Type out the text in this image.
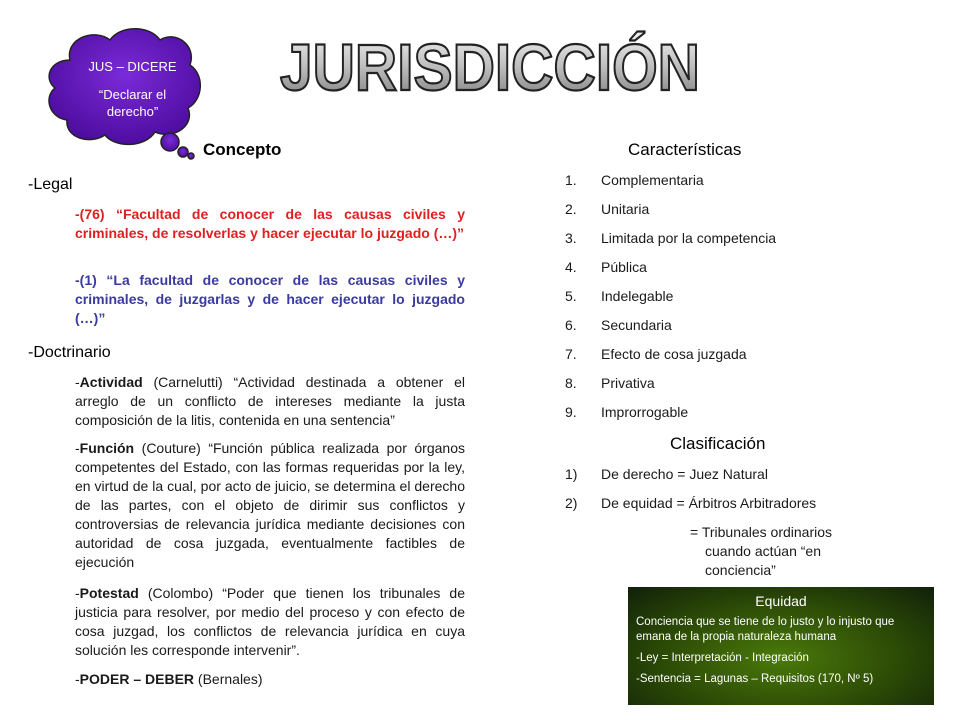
JUS – DICERE
“Declarar el
derecho”
JURISDICCIÓN
Concepto
-Legal
-(76) “Facultad de conocer de las causas civiles y criminales, de resolverlas y hacer ejecutar lo juzgado (…)”
-(1) “La facultad de conocer de las causas civiles y criminales, de juzgarlas y de hacer ejecutar lo juzgado (…)”
-Doctrinario
-Actividad (Carnelutti) “Actividad destinada a obtener el arreglo de un conflicto de intereses mediante la justa composición de la litis, contenida en una sentencia”
-Función (Couture) “Función pública realizada por órganos competentes del Estado, con las formas requeridas por la ley, en virtud de la cual, por acto de juicio, se determina el derecho de las partes, con el objeto de dirimir sus conflictos y controversias de relevancia jurídica mediante decisiones con autoridad de cosa juzgada, eventualmente factibles de ejecución
-Potestad (Colombo) “Poder que tienen los tribunales de justicia para resolver, por medio del proceso y con efecto de cosa juzgad, los conflictos de relevancia jurídica en cuya solución les corresponde intervenir”.
-PODER – DEBER (Bernales)
Características
1. Complementaria
2. Unitaria
3. Limitada por la competencia
4. Pública
5. Indelegable
6. Secundaria
7. Efecto de cosa juzgada
8. Privativa
9. Improrrogable
Clasificación
1) De derecho = Juez Natural
2) De equidad = Árbitros Arbitradores
= Tribunales ordinarios
cuando actúan “en
conciencia”
Equidad

Conciencia que se tiene de lo justo y lo injusto que emana de la propia naturaleza humana

-Ley = Interpretación - Integración

-Sentencia = Lagunas – Requisitos (170, Nº 5)
